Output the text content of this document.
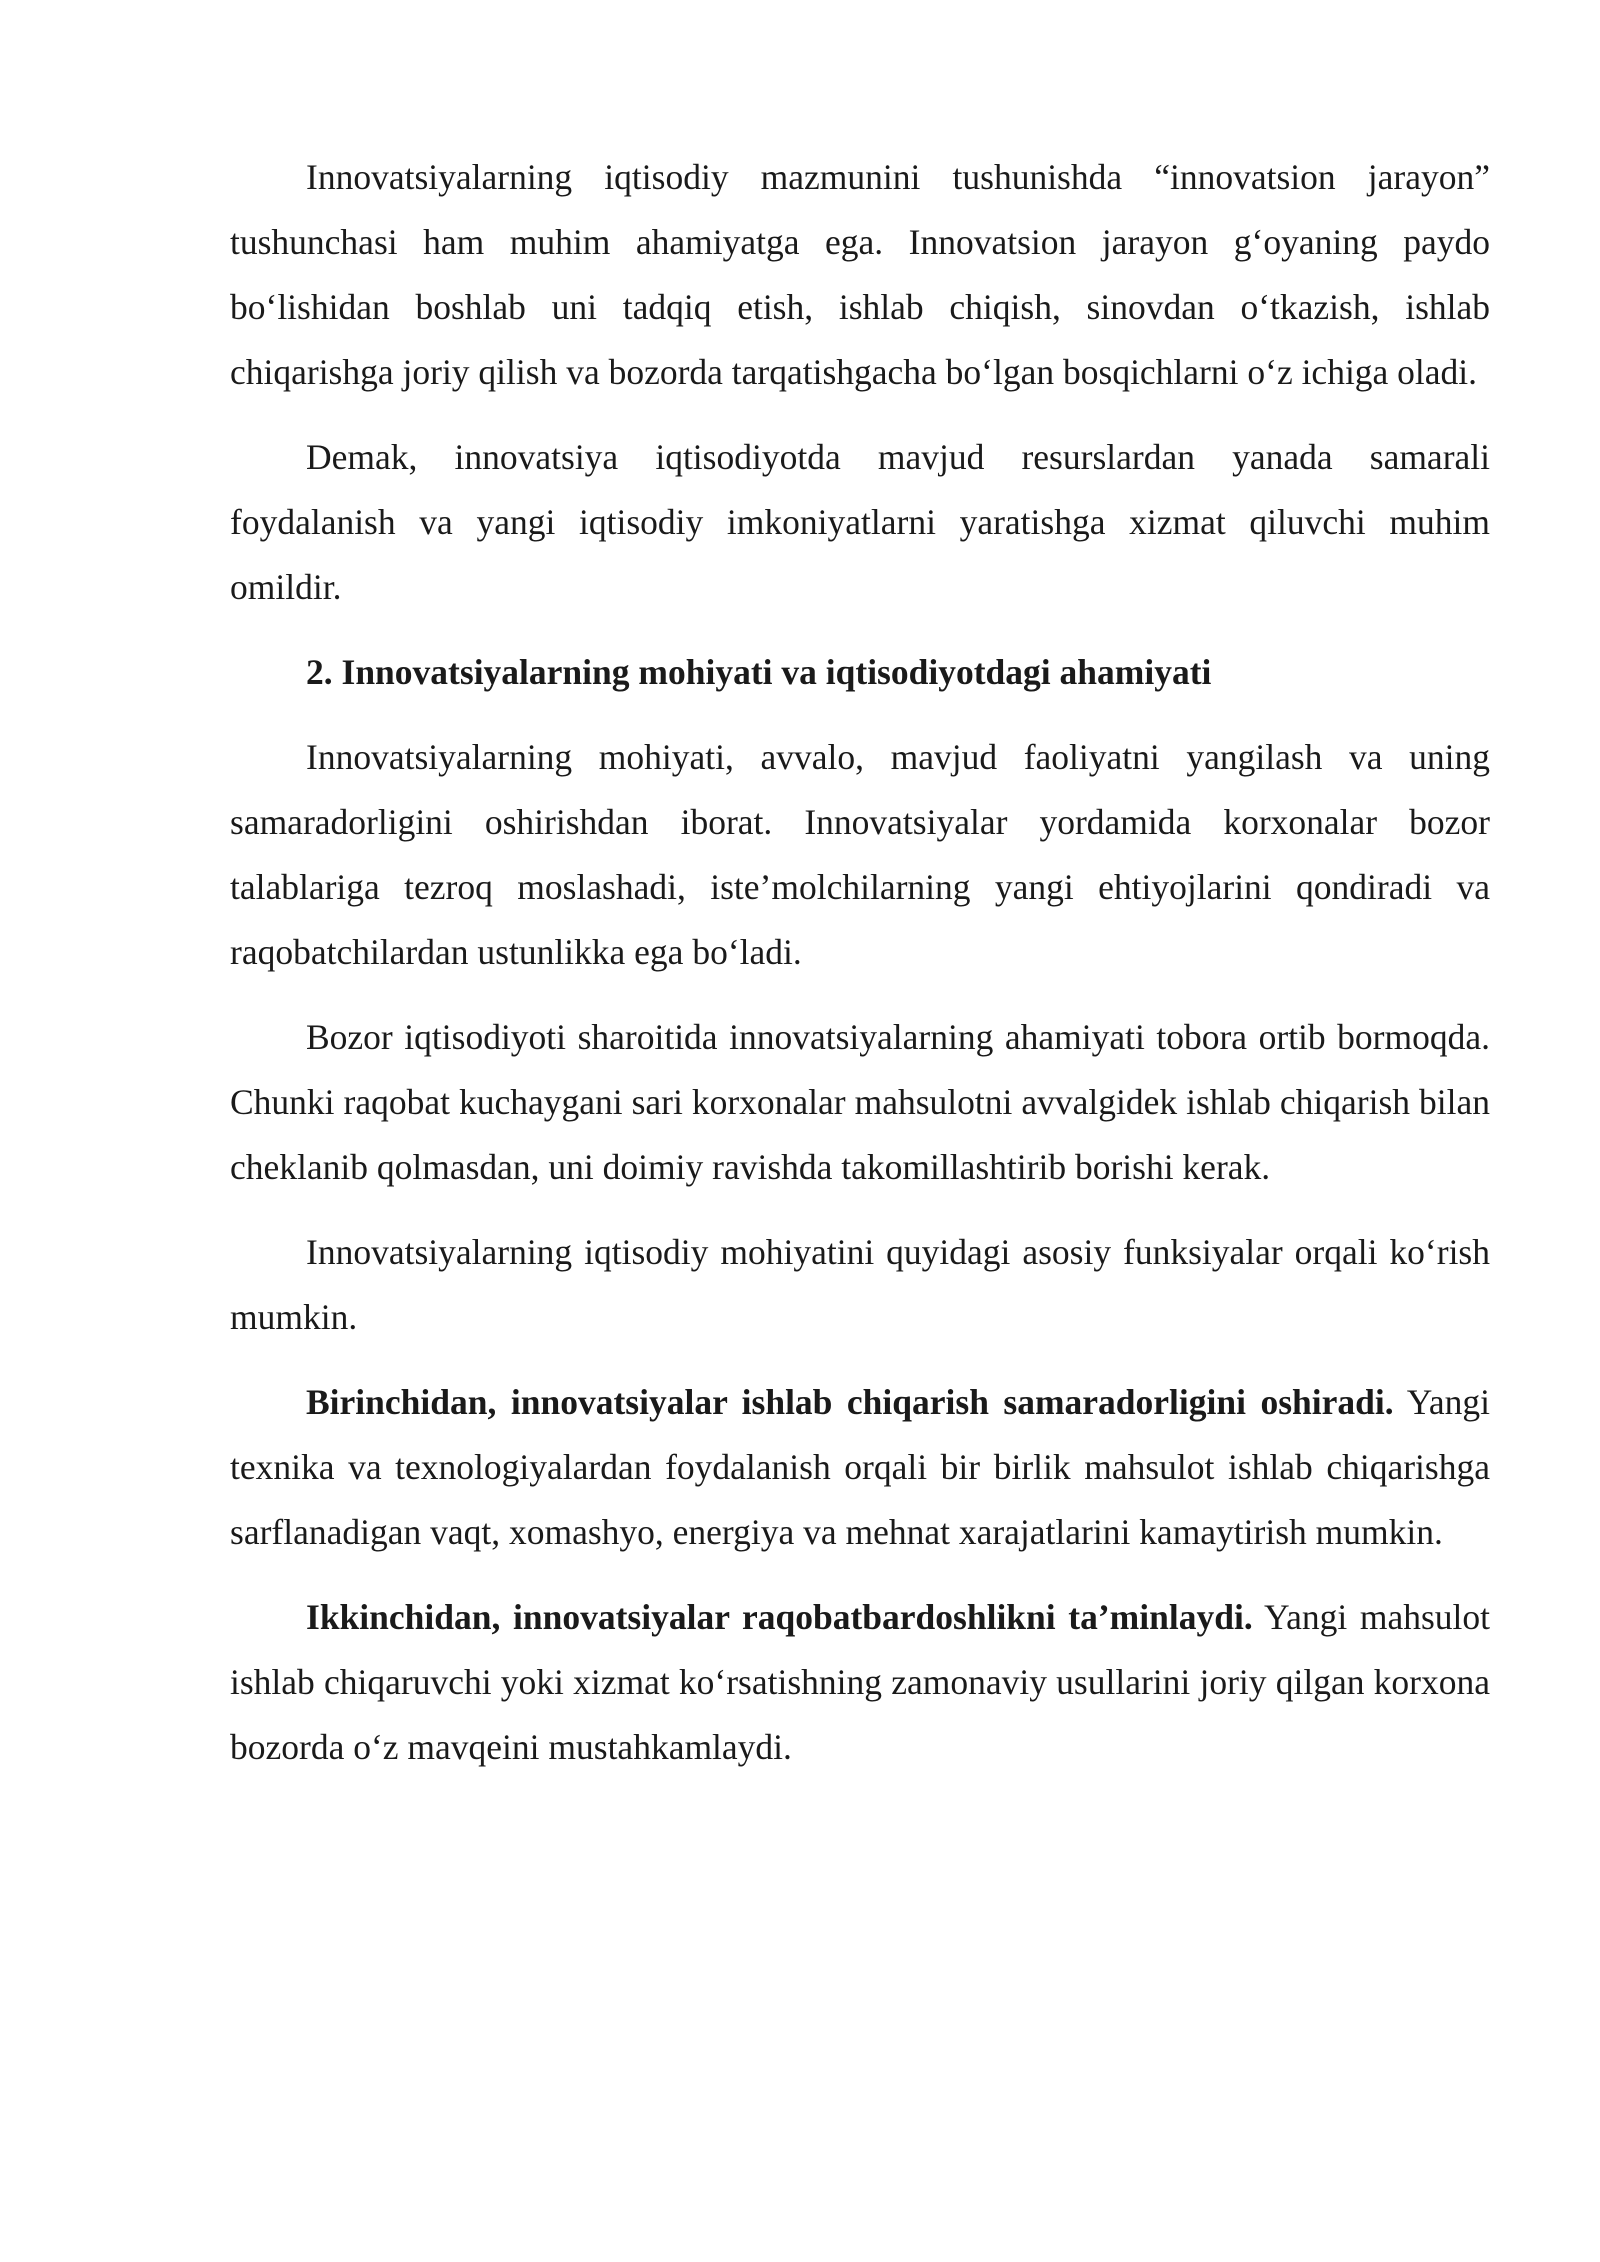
Innovatsiyalarning iqtisodiy mazmunini tushunishda “innovatsion jarayon” tushunchasi ham muhim ahamiyatga ega. Innovatsion jarayon g‘oyaning paydo bo‘lishidan boshlab uni tadqiq etish, ishlab chiqish, sinovdan o‘tkazish, ishlab chiqarishga joriy qilish va bozorda tarqatishgacha bo‘lgan bosqichlarni o‘z ichiga oladi.

Demak, innovatsiya iqtisodiyotda mavjud resurslardan yanada samarali foydalanish va yangi iqtisodiy imkoniyatlarni yaratishga xizmat qiluvchi muhim omildir.

2. Innovatsiyalarning mohiyati va iqtisodiyotdagi ahamiyati

Innovatsiyalarning mohiyati, avvalo, mavjud faoliyatni yangilash va uning samaradorligini oshirishdan iborat. Innovatsiyalar yordamida korxonalar bozor talablariga tezroq moslashadi, iste’molchilarning yangi ehtiyojlarini qondiradi va raqobatchilardan ustunlikka ega bo‘ladi.

Bozor iqtisodiyoti sharoitida innovatsiyalarning ahamiyati tobora ortib bormoqda. Chunki raqobat kuchaygani sari korxonalar mahsulotni avvalgidek ishlab chiqarish bilan cheklanib qolmasdan, uni doimiy ravishda takomillashtirib borishi kerak.

Innovatsiyalarning iqtisodiy mohiyatini quyidagi asosiy funksiyalar orqali ko‘rish mumkin.

Birinchidan, innovatsiyalar ishlab chiqarish samaradorligini oshiradi. Yangi texnika va texnologiyalardan foydalanish orqali bir birlik mahsulot ishlab chiqarishga sarflanadigan vaqt, xomashyo, energiya va mehnat xarajatlarini kamaytirish mumkin.

Ikkinchidan, innovatsiyalar raqobatbardoshlikni ta’minlaydi. Yangi mahsulot ishlab chiqaruvchi yoki xizmat ko‘rsatishning zamonaviy usullarini joriy qilgan korxona bozorda o‘z mavqeini mustahkamlaydi.
